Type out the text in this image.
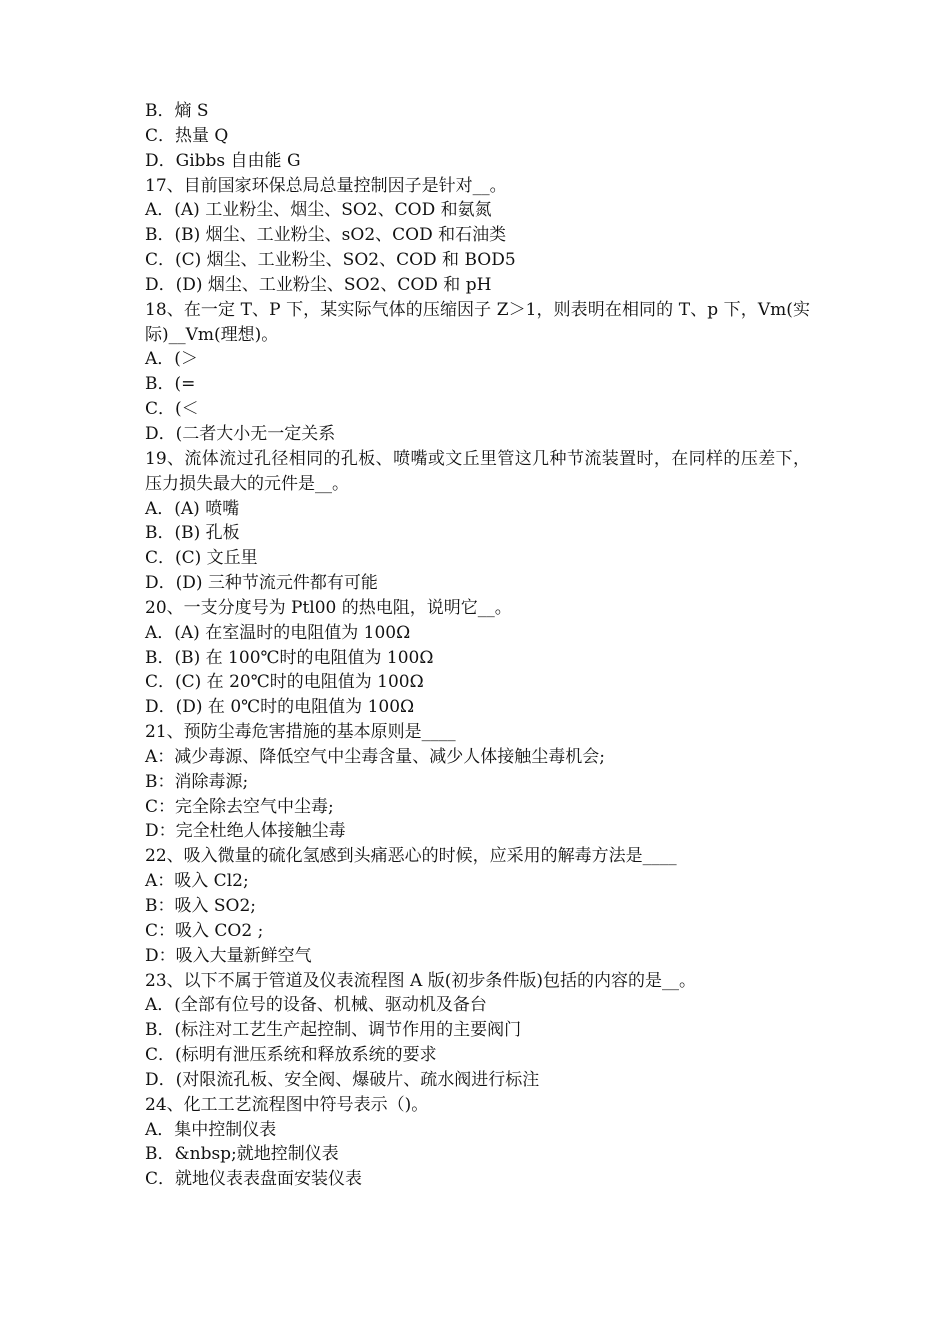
B．熵 S
C．热量 Q
D．Gibbs 自由能 G
17、目前国家环保总局总量控制因子是针对__。
A．(A) 工业粉尘、烟尘、SO2、COD 和氨氮
B．(B) 烟尘、工业粉尘、sO2、COD 和石油类
C．(C) 烟尘、工业粉尘、SO2、COD 和 BOD5
D．(D) 烟尘、工业粉尘、SO2、COD 和 pH
18、在一定 T、P 下，某实际气体的压缩因子 Z＞1，则表明在相同的 T、p 下，Vm(实际)__Vm(理想)。
A．(＞
B．(=
C．(＜
D．(二者大小无一定关系
19、流体流过孔径相同的孔板、喷嘴或文丘里管这几种节流装置时，在同样的压差下，压力损失最大的元件是__。
A．(A) 喷嘴
B．(B) 孔板
C．(C) 文丘里
D．(D) 三种节流元件都有可能
20、一支分度号为 Ptl00 的热电阻，说明它__。
A．(A) 在室温时的电阻值为 100Ω
B．(B) 在 100℃时的电阻值为 100Ω
C．(C) 在 20℃时的电阻值为 100Ω
D．(D) 在 0℃时的电阻值为 100Ω
21、预防尘毒危害措施的基本原则是____
A：减少毒源、降低空气中尘毒含量、减少人体接触尘毒机会;
B：消除毒源;
C：完全除去空气中尘毒;
D：完全杜绝人体接触尘毒
22、吸入微量的硫化氢感到头痛恶心的时候，应采用的解毒方法是____
A：吸入 Cl2;
B：吸入 SO2;
C：吸入 CO2 ;
D：吸入大量新鲜空气
23、以下不属于管道及仪表流程图 A 版(初步条件版)包括的内容的是__。
A．(全部有位号的设备、机械、驱动机及备台
B．(标注对工艺生产起控制、调节作用的主要阀门
C．(标明有泄压系统和释放系统的要求
D．(对限流孔板、安全阀、爆破片、疏水阀进行标注
24、化工工艺流程图中符号表示（)。
A．集中控制仪表
B．&nbsp;就地控制仪表
C．就地仪表表盘面安装仪表
